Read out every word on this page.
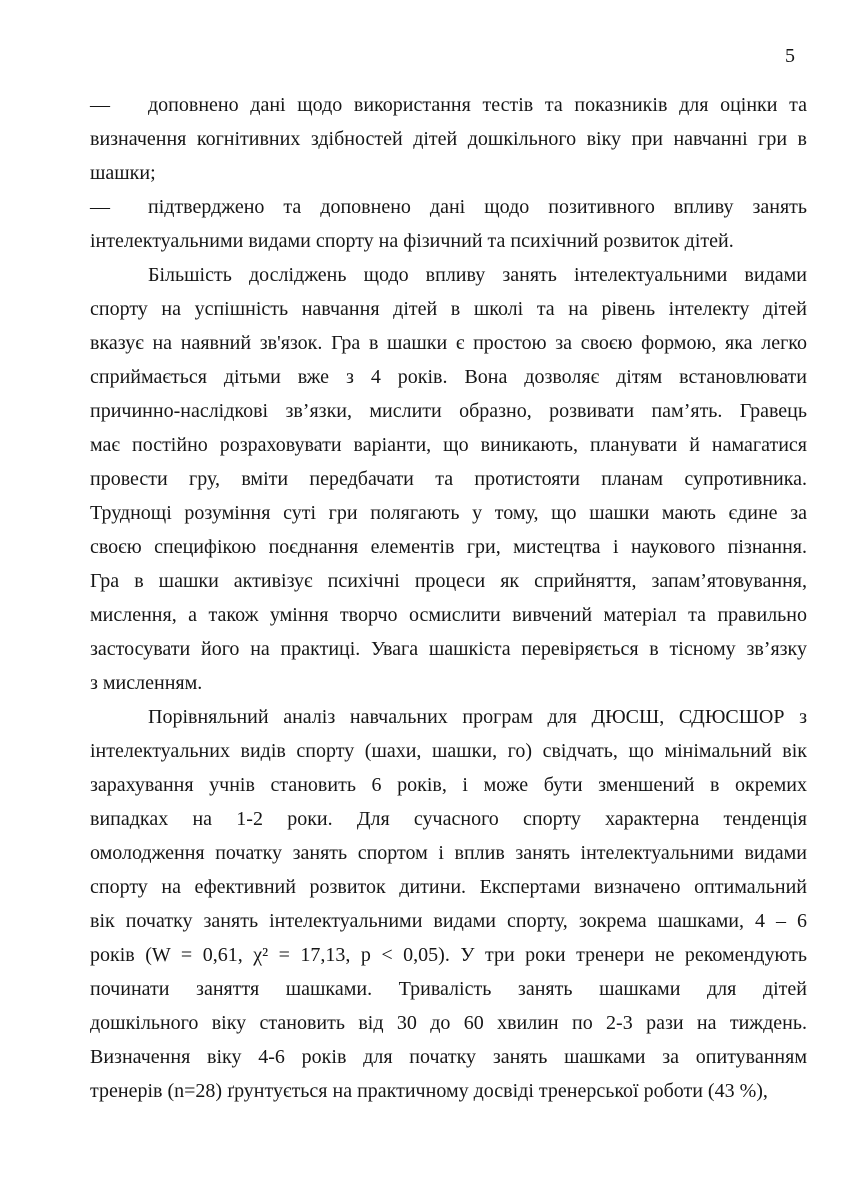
5
— доповнено дані щодо використання тестів та показників для оцінки та
визначення когнітивних здібностей дітей дошкільного віку при навчанні гри в
шашки;
— підтверджено та доповнено дані щодо позитивного впливу занять
інтелектуальними видами спорту на фізичний та психічний розвиток дітей.
Більшість досліджень щодо впливу занять інтелектуальними видами
спорту на успішність навчання дітей в школі та на рівень інтелекту дітей
вказує на наявний зв'язок. Гра в шашки є простою за своєю формою, яка легко
сприймається дітьми вже з 4 років. Вона дозволяє дітям встановлювати
причинно-наслідкові зв’язки, мислити образно, розвивати пам’ять. Гравець
має постійно розраховувати варіанти, що виникають, планувати й намагатися
провести гру, вміти передбачати та протистояти планам супротивника.
Труднощі розуміння суті гри полягають у тому, що шашки мають єдине за
своєю специфікою поєднання елементів гри, мистецтва і наукового пізнання.
Гра в шашки активізує психічні процеси як сприйняття, запам’ятовування,
мислення, а також уміння творчо осмислити вивчений матеріал та правильно
застосувати його на практиці. Увага шашкіста перевіряється в тісному зв’язку
з мисленням.
Порівняльний аналіз навчальних програм для ДЮСШ, СДЮСШОР з
інтелектуальних видів спорту (шахи, шашки, го) свідчать, що мінімальний вік
зарахування учнів становить 6 років, і може бути зменшений в окремих
випадках на 1-2 роки. Для сучасного спорту характерна тенденція
омолодження початку занять спортом і вплив занять інтелектуальними видами
спорту на ефективний розвиток дитини. Експертами визначено оптимальний
вік початку занять інтелектуальними видами спорту, зокрема шашками, 4 – 6
років (W = 0,61, χ² = 17,13, p < 0,05). У три роки тренери не рекомендують
починати заняття шашками. Тривалість занять шашками для дітей
дошкільного віку становить від 30 до 60 хвилин по 2-3 рази на тиждень.
Визначення віку 4-6 років для початку занять шашками за опитуванням
тренерів (n=28) ґрунтується на практичному досвіді тренерської роботи (43 %),
